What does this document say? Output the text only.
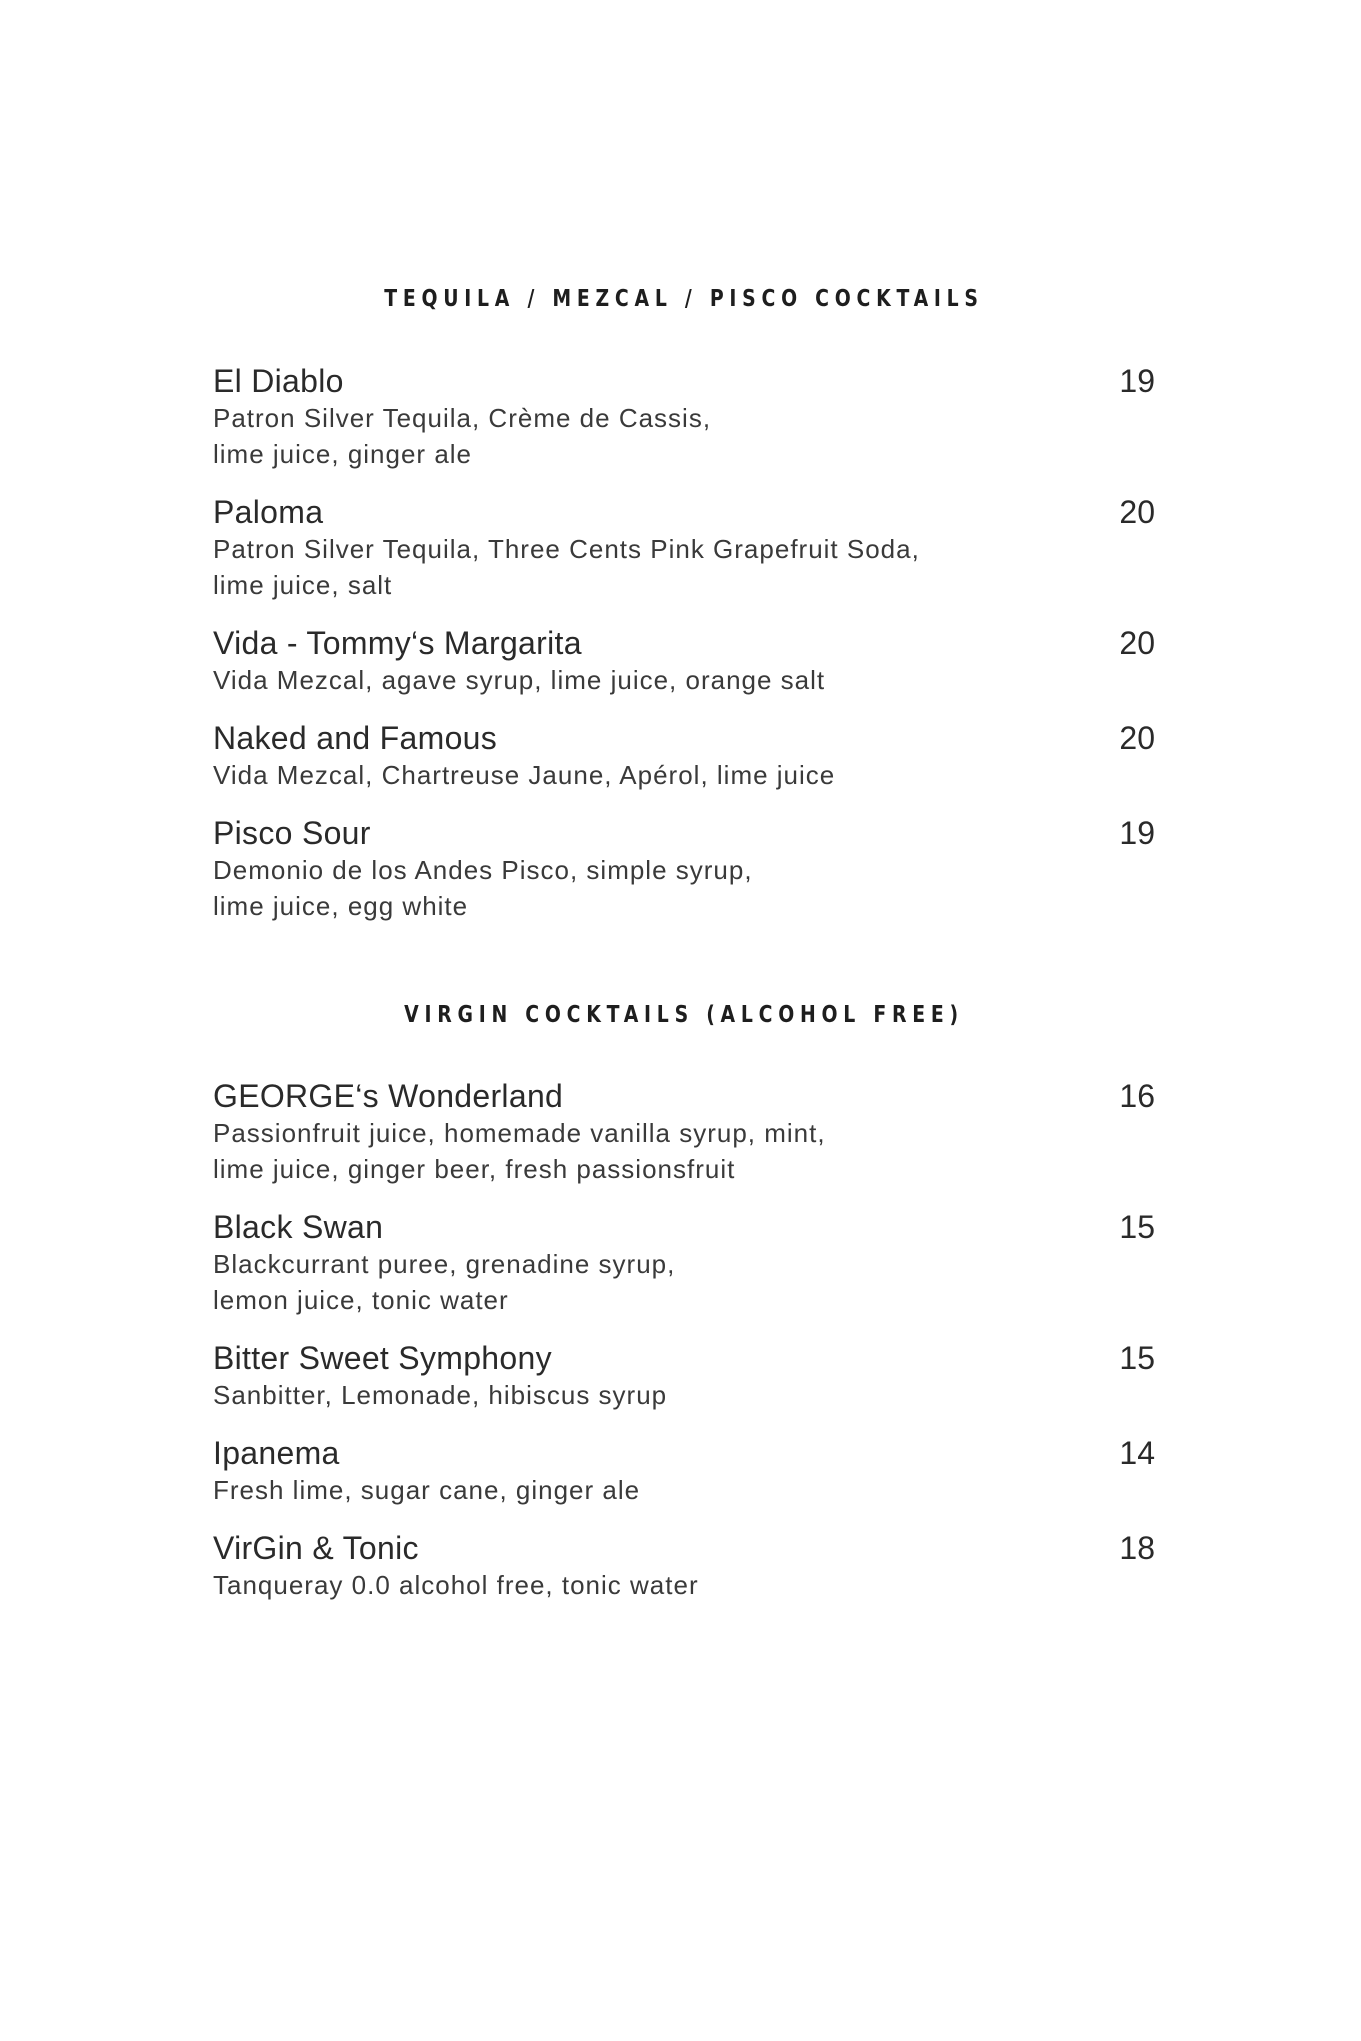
TEQUILA / MEZCAL / PISCO COCKTAILS

El Diablo	19

Patron Silver Tequila, Crème de Cassis,

lime juice, ginger ale

Paloma	20

Patron Silver Tequila, Three Cents Pink Grapefruit Soda,

lime juice, salt

Vida - Tommy‘s Margarita	20

Vida Mezcal, agave syrup, lime juice, orange salt

Naked and Famous	20

Vida Mezcal, Chartreuse Jaune, Apérol, lime juice

Pisco Sour	19

Demonio de los Andes Pisco, simple syrup,

lime juice, egg white

VIRGIN COCKTAILS (ALCOHOL FREE)

GEORGE‘s Wonderland	16

Passionfruit juice, homemade vanilla syrup, mint,

lime juice, ginger beer, fresh passionsfruit

Black Swan	15

Blackcurrant puree, grenadine syrup,

lemon juice, tonic water

Bitter Sweet Symphony	15

Sanbitter, Lemonade, hibiscus syrup

Ipanema	14

Fresh lime, sugar cane, ginger ale

VirGin & Tonic	18

Tanqueray 0.0 alcohol free, tonic water
